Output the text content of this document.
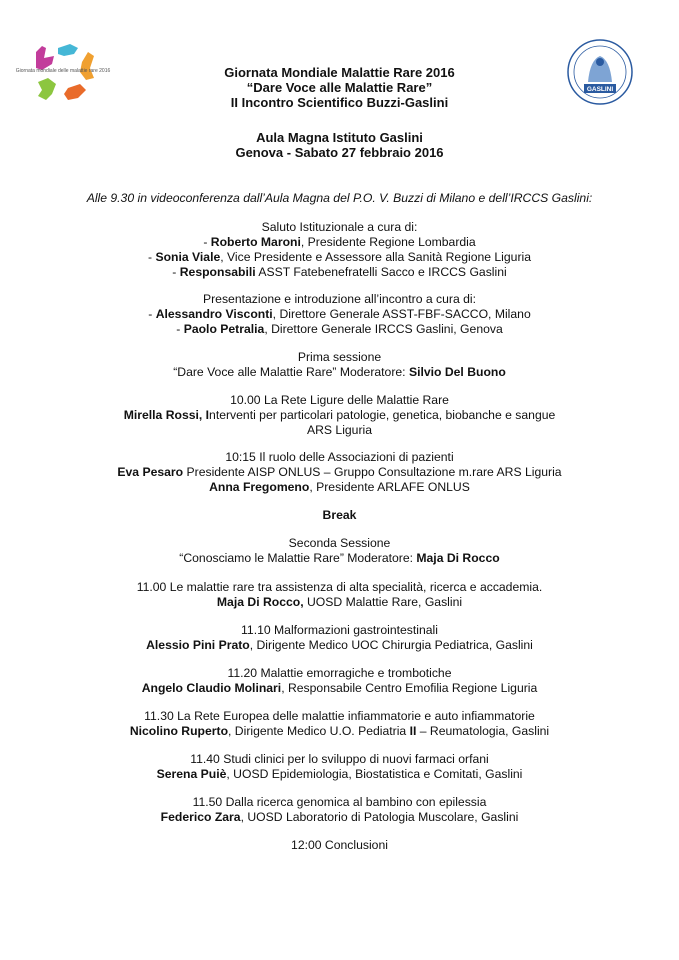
Giornata mondiale delle malattie rare 2016
GASLINI
Giornata Mondiale Malattie Rare 2016
“Dare Voce alle Malattie Rare”
II Incontro Scientifico Buzzi-Gaslini
Aula Magna Istituto Gaslini
Genova - Sabato 27 febbraio 2016
Alle 9.30 in videoconferenza dall’Aula Magna del P.O. V. Buzzi di Milano e dell’IRCCS Gaslini:
Saluto Istituzionale a cura di:
- Roberto Maroni, Presidente Regione Lombardia
- Sonia Viale, Vice Presidente e Assessore alla Sanità Regione Liguria
- Responsabili ASST Fatebenefratelli Sacco e IRCCS Gaslini
Presentazione e introduzione all’incontro a cura di:
- Alessandro Visconti, Direttore Generale ASST-FBF-SACCO, Milano
- Paolo Petralia, Direttore Generale IRCCS Gaslini, Genova
Prima sessione
“Dare Voce alle Malattie Rare” Moderatore: Silvio Del Buono
10.00 La Rete Ligure delle Malattie Rare
Mirella Rossi, Interventi per particolari patologie, genetica, biobanche e sangue
ARS Liguria
10:15 Il ruolo delle Associazioni di pazienti
Eva Pesaro Presidente AISP ONLUS – Gruppo Consultazione m.rare ARS Liguria
Anna Fregomeno, Presidente ARLAFE ONLUS
Break
Seconda Sessione
“Conosciamo le Malattie Rare” Moderatore: Maja Di Rocco
11.00 Le malattie rare tra assistenza di alta specialità, ricerca e accademia.
Maja Di Rocco, UOSD Malattie Rare, Gaslini
11.10 Malformazioni gastrointestinali
Alessio Pini Prato, Dirigente Medico UOC Chirurgia Pediatrica, Gaslini
11.20 Malattie emorragiche e trombotiche
Angelo Claudio Molinari, Responsabile Centro Emofilia Regione Liguria
11.30 La Rete Europea delle malattie infiammatorie e auto infiammatorie
Nicolino Ruperto, Dirigente Medico U.O. Pediatria II – Reumatologia, Gaslini
11.40 Studi clinici per lo sviluppo di nuovi farmaci orfani
Serena Puiè, UOSD Epidemiologia, Biostatistica e Comitati, Gaslini
11.50 Dalla ricerca genomica al bambino con epilessia
Federico Zara, UOSD Laboratorio di Patologia Muscolare, Gaslini
12:00 Conclusioni
